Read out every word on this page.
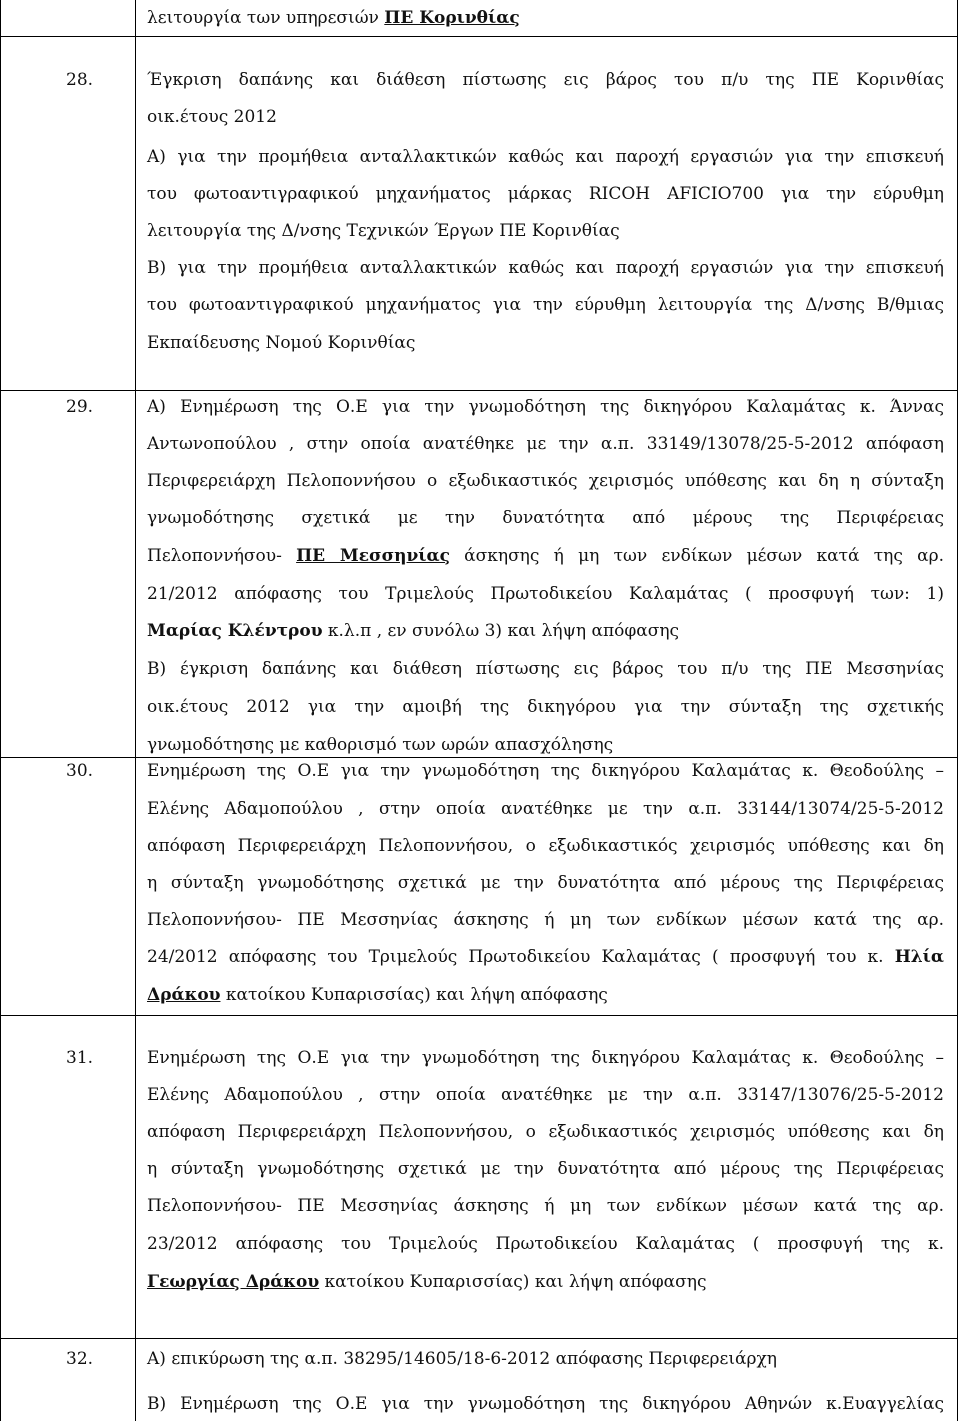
λειτουργία των υπηρεσιών ΠΕ Κορινθίας
28.	Έγκριση δαπάνης και διάθεση πίστωσης εις βάρος του π/υ της ΠΕ Κορινθίας
οικ.έτους 2012
Α) για την προμήθεια ανταλλακτικών καθώς και παροχή εργασιών για την επισκευή
του φωτοαντιγραφικού μηχανήματος μάρκας RICOH AFICIO700 για την εύρυθμη
λειτουργία της Δ/νσης Τεχνικών Έργων ΠΕ Κορινθίας
Β) για την προμήθεια ανταλλακτικών καθώς και παροχή εργασιών για την επισκευή
του φωτοαντιγραφικού μηχανήματος για την εύρυθμη λειτουργία της Δ/νσης Β/θμιας
Εκπαίδευσης Νομού Κορινθίας
29.	Α) Ενημέρωση της Ο.Ε για την γνωμοδότηση της δικηγόρου Καλαμάτας κ. Άννας
Αντωνοπούλου , στην οποία ανατέθηκε με την α.π. 33149/13078/25-5-2012 απόφαση
Περιφερειάρχη Πελοποννήσου ο εξωδικαστικός χειρισμός υπόθεσης και δη η σύνταξη
γνωμοδότησης σχετικά με την δυνατότητα από μέρους της Περιφέρειας
Πελοποννήσου- ΠΕ Μεσσηνίας άσκησης ή μη των ενδίκων μέσων κατά της αρ.
21/2012 απόφασης του Τριμελούς Πρωτοδικείου Καλαμάτας ( προσφυγή των: 1)
Μαρίας Κλέντρου κ.λ.π , εν συνόλω 3) και λήψη απόφασης
Β) έγκριση δαπάνης και διάθεση πίστωσης εις βάρος του π/υ της ΠΕ Μεσσηνίας
οικ.έτους 2012 για την αμοιβή της δικηγόρου για την σύνταξη της σχετικής
γνωμοδότησης με καθορισμό των ωρών απασχόλησης
30.	Ενημέρωση της Ο.Ε για την γνωμοδότηση της δικηγόρου Καλαμάτας κ. Θεοδούλης –
Ελένης Αδαμοπούλου , στην οποία ανατέθηκε με την α.π. 33144/13074/25-5-2012
απόφαση Περιφερειάρχη Πελοποννήσου, ο εξωδικαστικός χειρισμός υπόθεσης και δη
η σύνταξη γνωμοδότησης σχετικά με την δυνατότητα από μέρους της Περιφέρειας
Πελοποννήσου- ΠΕ Μεσσηνίας άσκησης ή μη των ενδίκων μέσων κατά της αρ.
24/2012 απόφασης του Τριμελούς Πρωτοδικείου Καλαμάτας ( προσφυγή του κ. Ηλία
Δράκου κατοίκου Κυπαρισσίας) και λήψη απόφασης
31.	Ενημέρωση της Ο.Ε για την γνωμοδότηση της δικηγόρου Καλαμάτας κ. Θεοδούλης –
Ελένης Αδαμοπούλου , στην οποία ανατέθηκε με την α.π. 33147/13076/25-5-2012
απόφαση Περιφερειάρχη Πελοποννήσου, ο εξωδικαστικός χειρισμός υπόθεσης και δη
η σύνταξη γνωμοδότησης σχετικά με την δυνατότητα από μέρους της Περιφέρειας
Πελοποννήσου- ΠΕ Μεσσηνίας άσκησης ή μη των ενδίκων μέσων κατά της αρ.
23/2012 απόφασης του Τριμελούς Πρωτοδικείου Καλαμάτας ( προσφυγή της κ.
Γεωργίας Δράκου κατοίκου Κυπαρισσίας) και λήψη απόφασης
32.	Α) επικύρωση της α.π. 38295/14605/18-6-2012 απόφασης Περιφερειάρχη
Β) Ενημέρωση της Ο.Ε για την γνωμοδότηση της δικηγόρου Αθηνών κ.Ευαγγελίας
